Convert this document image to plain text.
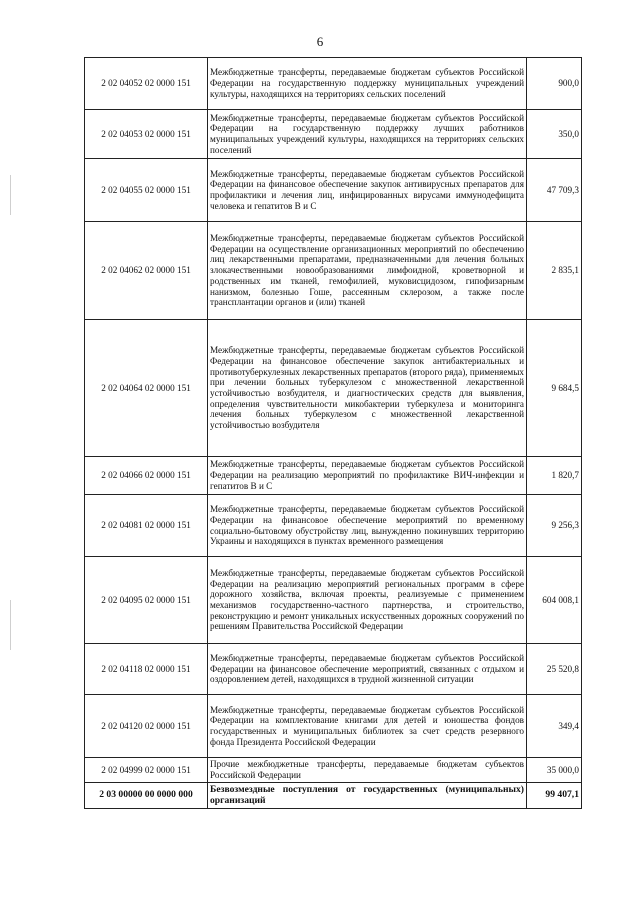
6
2 02 04052 02 0000 151	Межбюджетные трансферты, передаваемые бюджетам субъектов Российской Федерации на государственную поддержку муниципальных учреждений культуры, находящихся на территориях сельских поселений	900,0
2 02 04053 02 0000 151	Межбюджетные трансферты, передаваемые бюджетам субъектов Российской Федерации на государственную поддержку лучших работников муниципальных учреждений культуры, находящихся на территориях сельских поселений	350,0
2 02 04055 02 0000 151	Межбюджетные трансферты, передаваемые бюджетам субъектов Российской Федерации на финансовое обеспечение закупок антивирусных препаратов для профилактики и лечения лиц, инфицированных вирусами иммунодефицита человека и гепатитов В и С	47 709,3
2 02 04062 02 0000 151	Межбюджетные трансферты, передаваемые бюджетам субъектов Российской Федерации на осуществление организационных мероприятий по обеспечению лиц лекарственными препаратами, предназначенными для лечения больных злокачественными новообразованиями лимфоидной, кроветворной и родственных им тканей, гемофилией, муковисцидозом, гипофизарным нанизмом, болезнью Гоше, рассеянным склерозом, а также после трансплантации органов и (или) тканей	2 835,1
2 02 04064 02 0000 151	Межбюджетные трансферты, передаваемые бюджетам субъектов Российской Федерации на финансовое обеспечение закупок антибактериальных и противотуберкулезных лекарственных препаратов (второго ряда), применяемых при лечении больных туберкулезом с множественной лекарственной устойчивостью возбудителя, и диагностических средств для выявления, определения чувствительности микобактерии туберкулеза и мониторинга лечения больных туберкулезом с множественной лекарственной устойчивостью возбудителя	9 684,5
2 02 04066 02 0000 151	Межбюджетные трансферты, передаваемые бюджетам субъектов Российской Федерации на реализацию мероприятий по профилактике ВИЧ-инфекции и гепатитов В и С	1 820,7
2 02 04081 02 0000 151	Межбюджетные трансферты, передаваемые бюджетам субъектов Российской Федерации на финансовое обеспечение мероприятий по временному социально-бытовому обустройству лиц, вынужденно покинувших территорию Украины и находящихся в пунктах временного размещения	9 256,3
2 02 04095 02 0000 151	Межбюджетные трансферты, передаваемые бюджетам субъектов Российской Федерации на реализацию мероприятий региональных программ в сфере дорожного хозяйства, включая проекты, реализуемые с применением механизмов государственно-частного партнерства, и строительство, реконструкцию и ремонт уникальных искусственных дорожных сооружений по решениям Правительства Российской Федерации	604 008,1
2 02 04118 02 0000 151	Межбюджетные трансферты, передаваемые бюджетам субъектов Российской Федерации на финансовое обеспечение мероприятий, связанных с отдыхом и оздоровлением детей, находящихся в трудной жизненной ситуации	25 520,8
2 02 04120 02 0000 151	Межбюджетные трансферты, передаваемые бюджетам субъектов Российской Федерации на комплектование книгами для детей и юношества фондов государственных и муниципальных библиотек за счет средств резервного фонда Президента Российской Федерации	349,4
2 02 04999 02 0000 151	Прочие межбюджетные трансферты, передаваемые бюджетам субъектов Российской Федерации	35 000,0
2 03 00000 00 0000 000	Безвозмездные поступления от государственных (муниципальных) организаций	99 407,1
